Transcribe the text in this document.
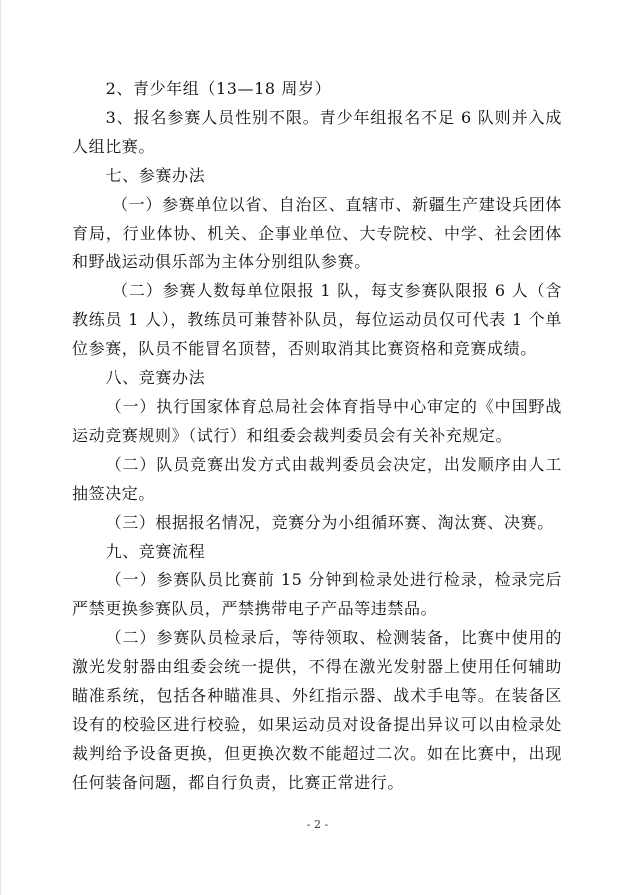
2、青少年组（13—18 周岁）

3、报名参赛人员性别不限。青少年组报名不足 6 队则并入成人组比赛。

七、参赛办法

（一）参赛单位以省、自治区、直辖市、新疆生产建设兵团体育局，行业体协、机关、企事业单位、大专院校、中学、社会团体和野战运动俱乐部为主体分别组队参赛。

（二）参赛人数每单位限报 1 队，每支参赛队限报 6 人（含教练员 1 人），教练员可兼替补队员，每位运动员仅可代表 1 个单位参赛，队员不能冒名顶替，否则取消其比赛资格和竞赛成绩。

八、竞赛办法

（一）执行国家体育总局社会体育指导中心审定的《中国野战运动竞赛规则》（试行）和组委会裁判委员会有关补充规定。

（二）队员竞赛出发方式由裁判委员会决定，出发顺序由人工抽签决定。

（三）根据报名情况，竞赛分为小组循环赛、淘汰赛、决赛。

九、竞赛流程

（一）参赛队员比赛前 15 分钟到检录处进行检录，检录完后严禁更换参赛队员，严禁携带电子产品等违禁品。

（二）参赛队员检录后，等待领取、检测装备，比赛中使用的激光发射器由组委会统一提供，不得在激光发射器上使用任何辅助瞄准系统，包括各种瞄准具、外红指示器、战术手电等。在装备区设有的校验区进行校验，如果运动员对设备提出异议可以由检录处裁判给予设备更换，但更换次数不能超过二次。如在比赛中，出现任何装备问题，都自行负责，比赛正常进行。

- 2 -
